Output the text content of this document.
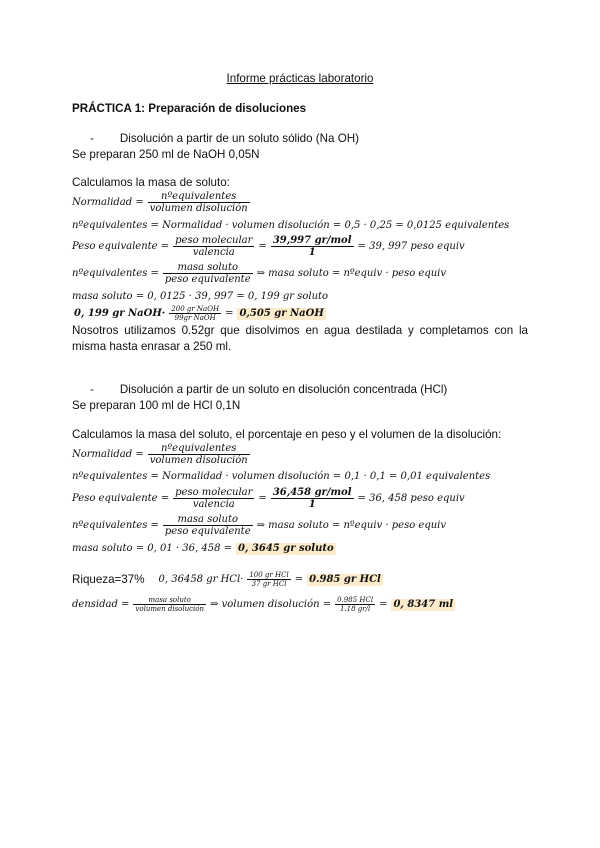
Informe prácticas laboratorio
PRÁCTICA 1: Preparación de disoluciones
- Disolución a partir de un soluto sólido (Na OH)
Se preparan 250 ml de NaOH 0,05N
Calculamos la masa de soluto:
Normalidad = $\frac{\text{nºequivalentes}}{\text{volumen disolución}}$
nºequivalentes = Normalidad · volumen disolución = 0,5 · 0,25 = 0,0125 equivalentes
Peso equivalente = $\frac{\text{peso molecular}}{\text{valencia}} = \frac{\text{39,997 gr/mol}}{1} = 39$, 997 peso equiv
nºequivalentes = $\frac{\text{masa soluto}}{\text{peso equivalente}}$ ⇒ masa soluto = nºequiv · peso equiv
masa soluto = 0, 0125 · 39, 997 = 0, 199 gr soluto
0, 199 gr NaOH· $\frac{\text{200 gr NaOH}}{\text{99gr NaOH}} = 0,505$ gr NaOH
Nosotros utilizamos 0.52gr que disolvimos en agua destilada y completamos con la misma hasta enrasar a 250 ml.
- Disolución a partir de un soluto en disolución concentrada (HCl)
Se preparan 100 ml de HCl 0,1N
Calculamos la masa del soluto, el porcentaje en peso y el volumen de la disolución:
Normalidad = $\frac{\text{nºequivalentes}}{\text{volumen disolución}}$
nºequivalentes = Normalidad · volumen disolución = 0,1 · 0,1 = 0,01 equivalentes
Peso equivalente = $\frac{\text{peso molecular}}{\text{valencia}} = \frac{\text{36,458 gr/mol}}{1} = 36$, 458 peso equiv
nºequivalentes = $\frac{\text{masa soluto}}{\text{peso equivalente}}$ ⇒ masa soluto = nºequiv · peso equiv
masa soluto = 0, 01 · 36, 458 = 0, 3645 gr soluto
Riqueza=37% 0, 36458 gr $HCl\cdot \frac{\text{100 gr HCl}}{\text{37 gr HCl}} = 0.985$ gr HCl
densidad = $\frac{\text{masa soluto}}{\text{volumen disolución}}$ ⇒ volumen disolución = $\frac{\text{0.985 HCl}}{1.18 gr/l} = 0$, 8347 ml
